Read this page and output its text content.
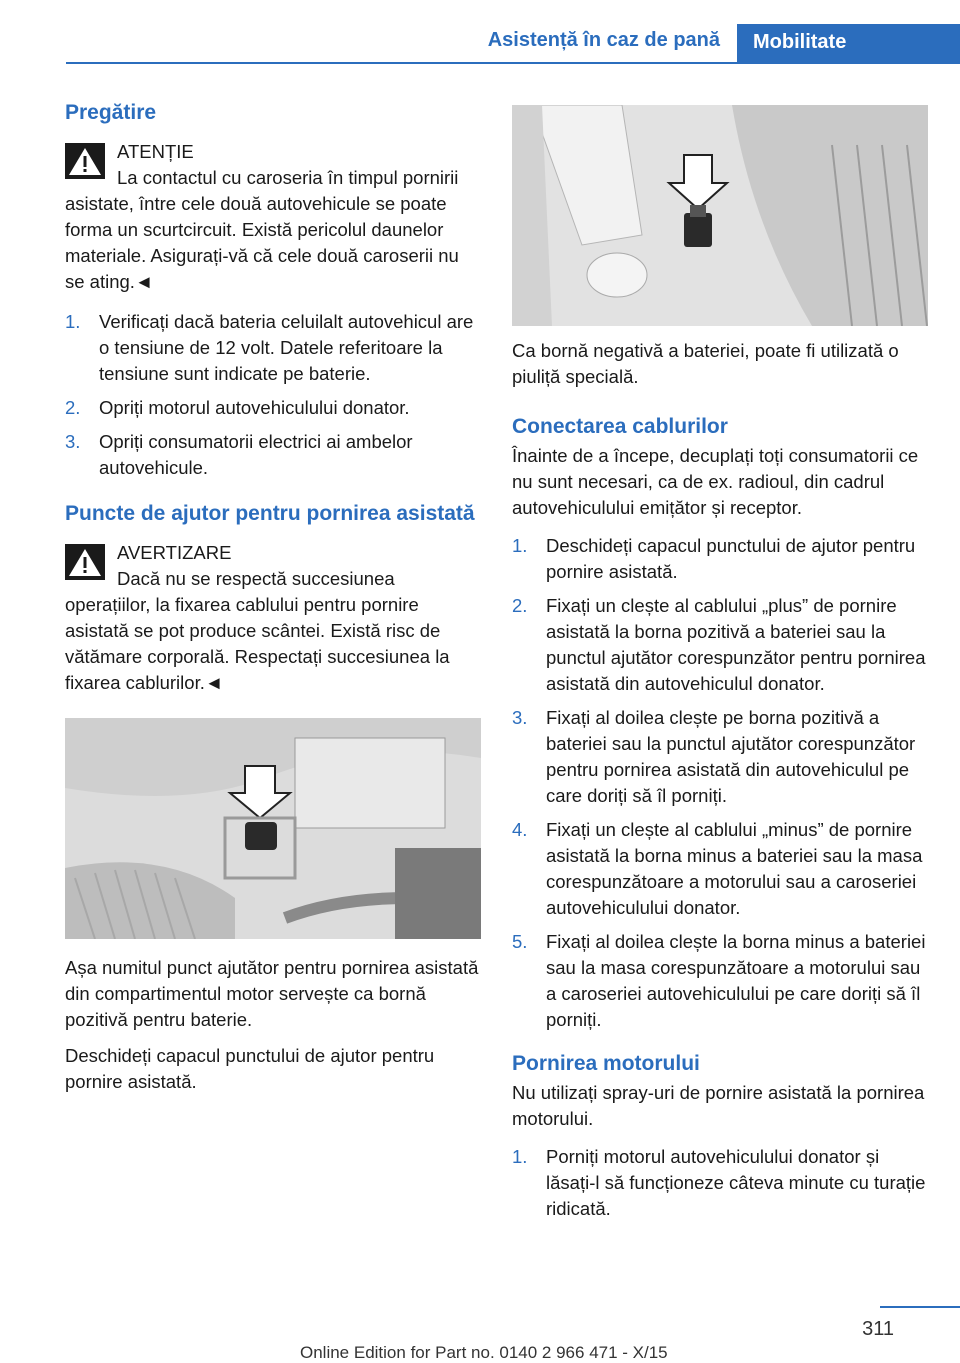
Asistență în caz de pană Mobilitate
Pregătire
ATENȚIE
La contactul cu caroseria în timpul pornirii asistate, între cele două autovehicule se poate forma un scurtcircuit. Există pericolul daunelor materiale. Asigurați-vă că cele două caroserii nu se ating.◄
1. Verificați dacă bateria celuilalt autovehicul are o tensiune de 12 volt. Datele referitoare la tensiune sunt indicate pe baterie.
2. Opriți motorul autovehiculului donator.
3. Opriți consumatorii electrici ai ambelor autovehicule.
Puncte de ajutor pentru pornirea asistată
AVERTIZARE
Dacă nu se respectă succesiunea operațiilor, la fixarea cablului pentru pornire asistată se pot produce scântei. Există risc de vătămare corporală. Respectați succesiunea la fixarea cablurilor.◄

Așa numitul punct ajutător pentru pornirea asistată din compartimentul motor servește ca bornă pozitivă pentru baterie.

Deschideți capacul punctului de ajutor pentru pornire asistată.

Ca bornă negativă a bateriei, poate fi utilizată o piuliță specială.

Conectarea cablurilor

Înainte de a începe, decuplați toți consumatorii ce nu sunt necesari, ca de ex. radioul, din cadrul autovehiculului emițător și receptor.

1. Deschideți capacul punctului de ajutor pentru pornire asistată.
2. Fixați un clește al cablului „plus” de pornire asistată la borna pozitivă a bateriei sau la punctul ajutător corespunzător pentru pornirea asistată din autovehiculul donator.
3. Fixați al doilea clește pe borna pozitivă a bateriei sau la punctul ajutător corespunzător pentru pornirea asistată din autovehiculul pe care doriți să îl porniți.
4. Fixați un clește al cablului „minus” de pornire asistată la borna minus a bateriei sau la masa corespunzătoare a motorului sau a caroseriei autovehiculului donator.
5. Fixați al doilea clește la borna minus a bateriei sau la masa corespunzătoare a motorului sau a caroseriei autovehiculului pe care doriți să îl porniți.
Pornirea motorului

Nu utilizați spray-uri de pornire asistată la pornirea motorului.

1. Porniți motorul autovehiculului donator și lăsați-l să funcționeze câteva minute cu turație ridicată.
311
Online Edition for Part no. 0140 2 966 471 - X/15
